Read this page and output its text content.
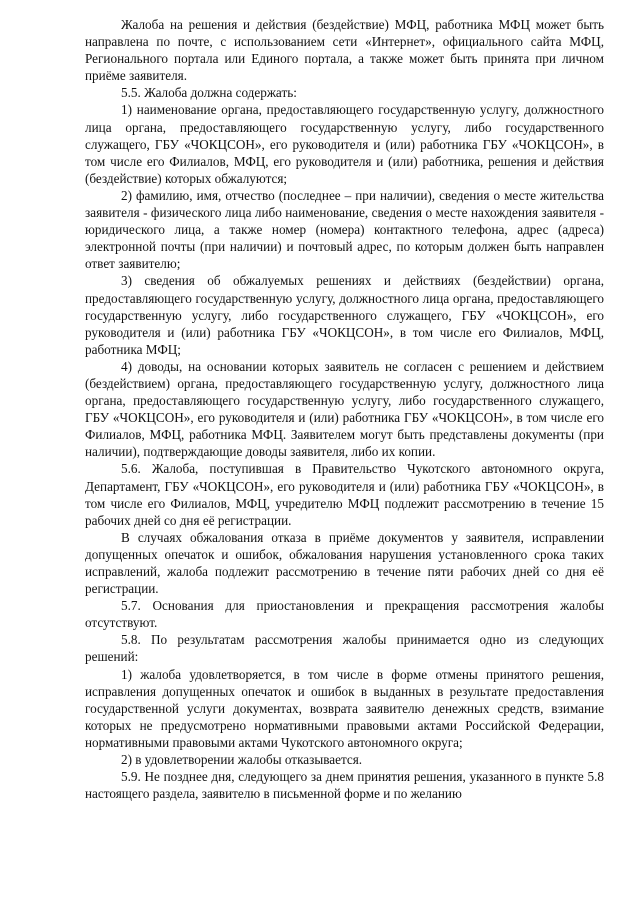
Жалоба на решения и действия (бездействие) МФЦ, работника МФЦ может быть направлена по почте, с использованием сети «Интернет», официального сайта МФЦ, Регионального портала или Единого портала, а также может быть принята при личном приёме заявителя.

5.5. Жалоба должна содержать:

1) наименование органа, предоставляющего государственную услугу, должностного лица органа, предоставляющего государственную услугу, либо государственного служащего, ГБУ «ЧОКЦСОН», его руководителя и (или) работника ГБУ «ЧОКЦСОН», в том числе его Филиалов, МФЦ, его руководителя и (или) работника, решения и действия (бездействие) которых обжалуются;

2) фамилию, имя, отчество (последнее – при наличии), сведения о месте жительства заявителя - физического лица либо наименование, сведения о месте нахождения заявителя - юридического лица, а также номер (номера) контактного телефона, адрес (адреса) электронной почты (при наличии) и почтовый адрес, по которым должен быть направлен ответ заявителю;

3) сведения об обжалуемых решениях и действиях (бездействии) органа, предоставляющего государственную услугу, должностного лица органа, предоставляющего государственную услугу, либо государственного служащего, ГБУ «ЧОКЦСОН», его руководителя и (или) работника ГБУ «ЧОКЦСОН», в том числе его Филиалов, МФЦ, работника МФЦ;

4) доводы, на основании которых заявитель не согласен с решением и действием (бездействием) органа, предоставляющего государственную услугу, должностного лица органа, предоставляющего государственную услугу, либо государственного служащего, ГБУ «ЧОКЦСОН», его руководителя и (или) работника ГБУ «ЧОКЦСОН», в том числе его Филиалов, МФЦ, работника МФЦ. Заявителем могут быть представлены документы (при наличии), подтверждающие доводы заявителя, либо их копии.

5.6. Жалоба, поступившая в Правительство Чукотского автономного округа, Департамент, ГБУ «ЧОКЦСОН», его руководителя и (или) работника ГБУ «ЧОКЦСОН», в том числе его Филиалов, МФЦ, учредителю МФЦ подлежит рассмотрению в течение 15 рабочих дней со дня её регистрации.

В случаях обжалования отказа в приёме документов у заявителя, исправлении допущенных опечаток и ошибок, обжалования нарушения установленного срока таких исправлений, жалоба подлежит рассмотрению в течение пяти рабочих дней со дня её регистрации.

5.7. Основания для приостановления и прекращения рассмотрения жалобы отсутствуют.

5.8. По результатам рассмотрения жалобы принимается одно из следующих решений:

1) жалоба удовлетворяется, в том числе в форме отмены принятого решения, исправления допущенных опечаток и ошибок в выданных в результате предоставления государственной услуги документах, возврата заявителю денежных средств, взимание которых не предусмотрено нормативными правовыми актами Российской Федерации, нормативными правовыми актами Чукотского автономного округа;

2) в удовлетворении жалобы отказывается.

5.9. Не позднее дня, следующего за днем принятия решения, указанного в пункте 5.8 настоящего раздела, заявителю в письменной форме и по желанию
